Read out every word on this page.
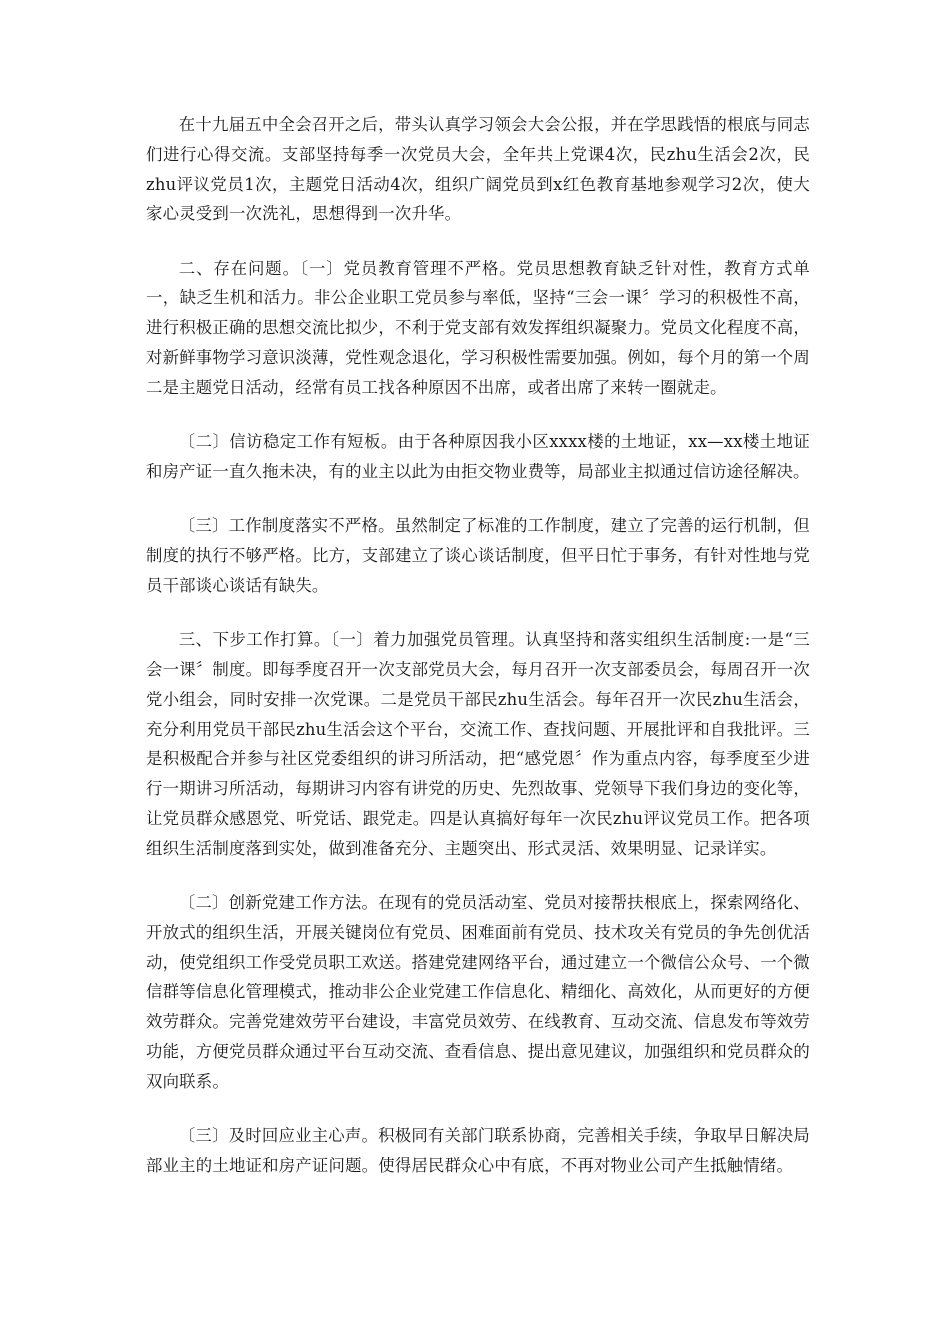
在十九届五中全会召开之后，带头认真学习领会大会公报，并在学思践悟的根底与同志们进行心得交流。支部坚持每季一次党员大会，全年共上党课4次，民zhu生活会2次，民zhu评议党员1次，主题党日活动4次，组织广阔党员到x红色教育基地参观学习2次，使大家心灵受到一次洗礼，思想得到一次升华。

二、存在问题。〔一〕党员教育管理不严格。党员思想教育缺乏针对性，教育方式单一，缺乏生机和活力。非公企业职工党员参与率低，坚持“三会一课〞学习的积极性不高，进行积极正确的思想交流比拟少，不利于党支部有效发挥组织凝聚力。党员文化程度不高，对新鲜事物学习意识淡薄，党性观念退化，学习积极性需要加强。例如，每个月的第一个周二是主题党日活动，经常有员工找各种原因不出席，或者出席了来转一圈就走。

〔二〕信访稳定工作有短板。由于各种原因我小区xxxx楼的土地证，xx—xx楼土地证和房产证一直久拖未决，有的业主以此为由拒交物业费等，局部业主拟通过信访途径解决。

〔三〕工作制度落实不严格。虽然制定了标准的工作制度，建立了完善的运行机制，但制度的执行不够严格。比方，支部建立了谈心谈话制度，但平日忙于事务，有针对性地与党员干部谈心谈话有缺失。

三、下步工作打算。〔一〕着力加强党员管理。认真坚持和落实组织生活制度:一是“三会一课〞制度。即每季度召开一次支部党员大会，每月召开一次支部委员会，每周召开一次党小组会，同时安排一次党课。二是党员干部民zhu生活会。每年召开一次民zhu生活会，充分利用党员干部民zhu生活会这个平台，交流工作、查找问题、开展批评和自我批评。三是积极配合并参与社区党委组织的讲习所活动，把“感党恩〞作为重点内容，每季度至少进行一期讲习所活动，每期讲习内容有讲党的历史、先烈故事、党领导下我们身边的变化等，让党员群众感恩党、听党话、跟党走。四是认真搞好每年一次民zhu评议党员工作。把各项组织生活制度落到实处，做到准备充分、主题突出、形式灵活、效果明显、记录详实。

〔二〕创新党建工作方法。在现有的党员活动室、党员对接帮扶根底上，探索网络化、开放式的组织生活，开展关键岗位有党员、困难面前有党员、技术攻关有党员的争先创优活动，使党组织工作受党员职工欢送。搭建党建网络平台，通过建立一个微信公众号、一个微信群等信息化管理模式，推动非公企业党建工作信息化、精细化、高效化，从而更好的方便效劳群众。完善党建效劳平台建设，丰富党员效劳、在线教育、互动交流、信息发布等效劳功能，方便党员群众通过平台互动交流、查看信息、提出意见建议，加强组织和党员群众的双向联系。

〔三〕及时回应业主心声。积极同有关部门联系协商，完善相关手续，争取早日解决局部业主的土地证和房产证问题。使得居民群众心中有底，不再对物业公司产生抵触情绪。
